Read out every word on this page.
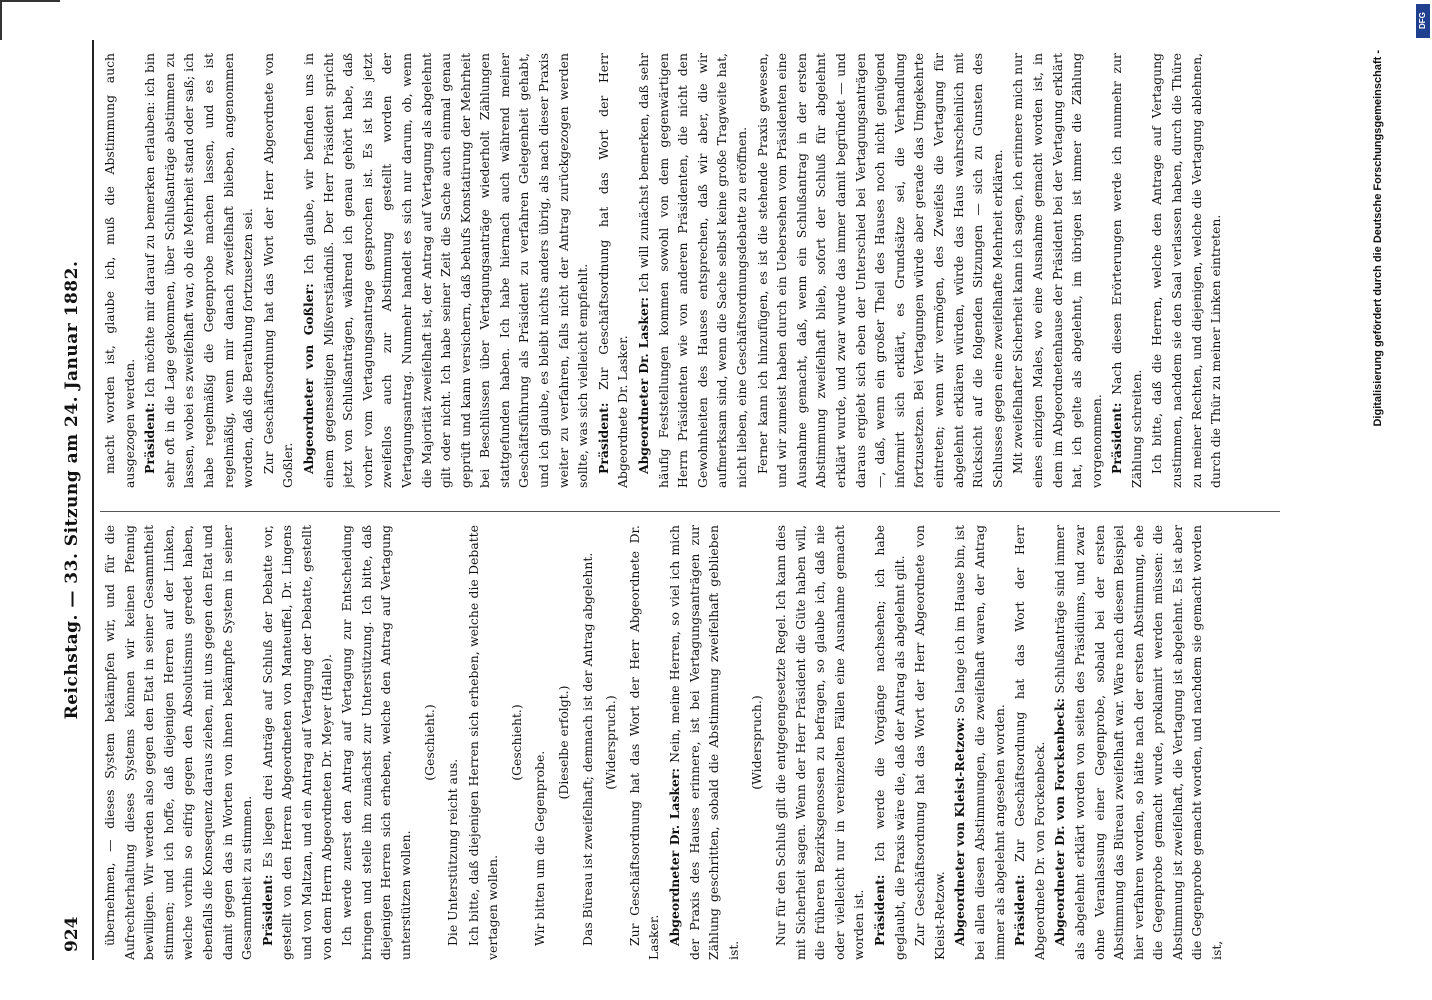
924
Reichstag. — 33. Sitzung am 24. Januar 1882.

übernehmen, — dieses System bekämpfen wir, und für die Aufrechterhaltung dieses Systems können wir keinen Pfennig bewilligen. Wir werden also gegen den Etat in seiner Gesammtheit stimmen; und ich hoffe, daß diejenigen Herren auf der Linken, welche vorhin so eifrig gegen den Absolutismus geredet haben, ebenfalls die Konsequenz daraus ziehen, mit uns gegen den Etat und damit gegen das in Worten von ihnen bekämpfte System in seiner Gesammtheit zu stimmen. Präsident: Es liegen drei Anträge auf Schluß der Debatte vor, gestellt von den Herren Abgeordneten von Manteuffel, Dr. Lingens und von Maltzan, und ein Antrag auf Vertagung der Debatte, gestellt von dem Herrn Abgeordneten Dr. Meyer (Halle). Ich werde zuerst den Antrag auf Vertagung zur Entscheidung bringen und stelle ihn zunächst zur Unterstützung. Ich bitte, daß diejenigen Herren sich erheben, welche den Antrag auf Vertagung unterstützen wollen.

(Geschieht.)

Die Unterstützung reicht aus. Ich bitte, daß diejenigen Herren sich erheben, welche die Debatte vertagen wollen.

(Geschieht.)

Wir bitten um die Gegenprobe.

(Dieselbe erfolgt.) Das Büreau ist zweifelhaft; demnach ist der Antrag abgelehnt. (Widerspruch.) Zur Geschäftsordnung hat das Wort der Herr Abgeordnete Dr. Lasker. Abgeordneter Dr. Lasker: Nein, meine Herren, so viel ich mich der Praxis des Hauses erinnere, ist bei Vertagungsanträgen zur Zählung geschritten, sobald die Abstimmung zweifelhaft geblieben ist.

(Widerspruch.) Nur für den Schluß gilt die entgegengesetzte Regel. Ich kann dies mit Sicherheit sagen. Wenn der Herr Präsident die Güte haben will, die früheren Bezirksgenossen zu befragen, so glaube ich, daß nie oder vielleicht nur in vereinzelten Fällen eine Ausnahme gemacht worden ist. Präsident: Ich werde die Vorgänge nachsehen; ich habe geglaubt, die Praxis wäre die, daß der Antrag als abgelehnt gilt. Zur Geschäftsordnung hat das Wort der Herr Abgeordnete von Kleist-Retzow. Abgeordneter von Kleist-Retzow: So lange ich im Hause bin, ist bei allen diesen Abstimmungen, die zweifelhaft waren, der Antrag immer als abgelehnt angesehen worden. Präsident: Zur Geschäftsordnung hat das Wort der Herr Abgeordnete Dr. von Forckenbeck. Abgeordneter Dr. von Forckenbeck: Schlußanträge sind immer als abgelehnt erklärt worden von seiten des Präsidiums, und zwar ohne Veranlassung einer Gegenprobe, sobald bei der ersten Abstimmung das Büreau zweifelhaft war. Wäre nach diesem Beispiel hier verfahren worden, so hätte nach der ersten Abstimmung, ehe die Gegenprobe gemacht wurde, proklamirt werden müssen: die Abstimmung ist zweifelhaft, die Vertagung ist abgelehnt. Es ist aber die Gegenprobe gemacht worden, und nachdem sie gemacht worden ist,

macht worden ist, glaube ich, muß die Abstimmung auch ausgezogen werden. Präsident: Ich möchte mir darauf zu bemerken erlauben: ich bin sehr oft in die Lage gekommen, über Schlußanträge abstimmen zu lassen, wobei es zweifelhaft war, ob die Mehrheit stand oder saß; ich habe regelmäßig die Gegenprobe machen lassen, und es ist regelmäßig, wenn mir danach zweifelhaft blieben, angenommen worden, daß die Berathung fortzusetzen sei. Zur Geschäftsordnung hat das Wort der Herr Abgeordnete von Goßler. Abgeordneter von Goßler: Ich glaube, wir befinden uns in einem gegenseitigen Mißverständniß. Der Herr Präsident spricht jetzt von Schlußanträgen, während ich genau gehört habe, daß vorher vom Vertagungsantrage gesprochen ist. Es ist bis jetzt zweifellos auch zur Abstimmung gestellt worden der Vertagungsantrag. Nunmehr handelt es sich nur darum, ob, wenn die Majorität zweifelhaft ist, der Antrag auf Vertagung als abgelehnt gilt oder nicht. Ich habe seiner Zeit die Sache auch einmal genau geprüft und kann versichern, daß behufs Konstatirung der Mehrheit bei Beschlüssen über Vertagungsanträge wiederholt Zählungen stattgefunden haben. Ich habe hiernach auch während meiner Geschäftsführung als Präsident zu verfahren Gelegenheit gehabt, und ich glaube, es bleibt nichts anders übrig, als nach dieser Praxis weiter zu verfahren, falls nicht der Antrag zurückgezogen werden sollte, was sich vielleicht empfiehlt. Präsident: Zur Geschäftsordnung hat das Wort der Herr Abgeordnete Dr. Lasker. Abgeordneter Dr. Lasker: Ich will zunächst bemerken, daß sehr häufig Feststellungen kommen sowohl von dem gegenwärtigen Herrn Präsidenten wie von anderen Präsidenten, die nicht den Gewohnheiten des Hauses entsprechen, daß wir aber, die wir aufmerksam sind, wenn die Sache selbst keine große Tragweite hat, nicht lieben, eine Geschäftsordnungsdebatte zu eröffnen. Ferner kann ich hinzufügen, es ist die stehende Praxis gewesen, und wir zumeist haben durch ein Uebersehen vom Präsidenten eine Ausnahme gemacht, daß, wenn ein Schlußantrag in der ersten Abstimmung zweifelhaft blieb, sofort der Schluß für abgelehnt erklärt wurde, und zwar wurde das immer damit begründet — und daraus ergiebt sich eben der Unterschied bei Vertagungsanträgen —, daß, wenn ein großer Theil des Hauses noch nicht genügend informirt sich erklärt, es Grundsätze sei, die Verhandlung fortzusetzen. Bei Vertagungen würde aber gerade das Umgekehrte eintreten; wenn wir vermögen, des Zweifels die Vertagung für abgelehnt erklären würden, würde das Haus wahrscheinlich mit Rücksicht auf die folgenden Sitzungen — sich zu Gunsten des Schlusses gegen eine zweifelhafte Mehrheit erklären. Mit zweifelhafter Sicherheit kann ich sagen, ich erinnere mich nur eines einzigen Males, wo eine Ausnahme gemacht worden ist, in dem im Abgeordnetenhause der Präsident bei der Vertagung erklärt hat, ich gelte als abgelehnt, im übrigen ist immer die Zählung vorgenommen. Präsident: Nach diesen Erörterungen werde ich nunmehr zur Zählung schreiten. Ich bitte, daß die Herren, welche den Antrage auf Vertagung zustimmen, nachdem sie den Saal verlassen haben, durch die Thüre zu meiner Rechten, und diejenigen, welche die Vertagung ablehnen, durch die Thür zu meiner Linken eintreten.	Digitalisierung gefördert durch die Deutsche Forschungsgemeinschaft -
DFG
